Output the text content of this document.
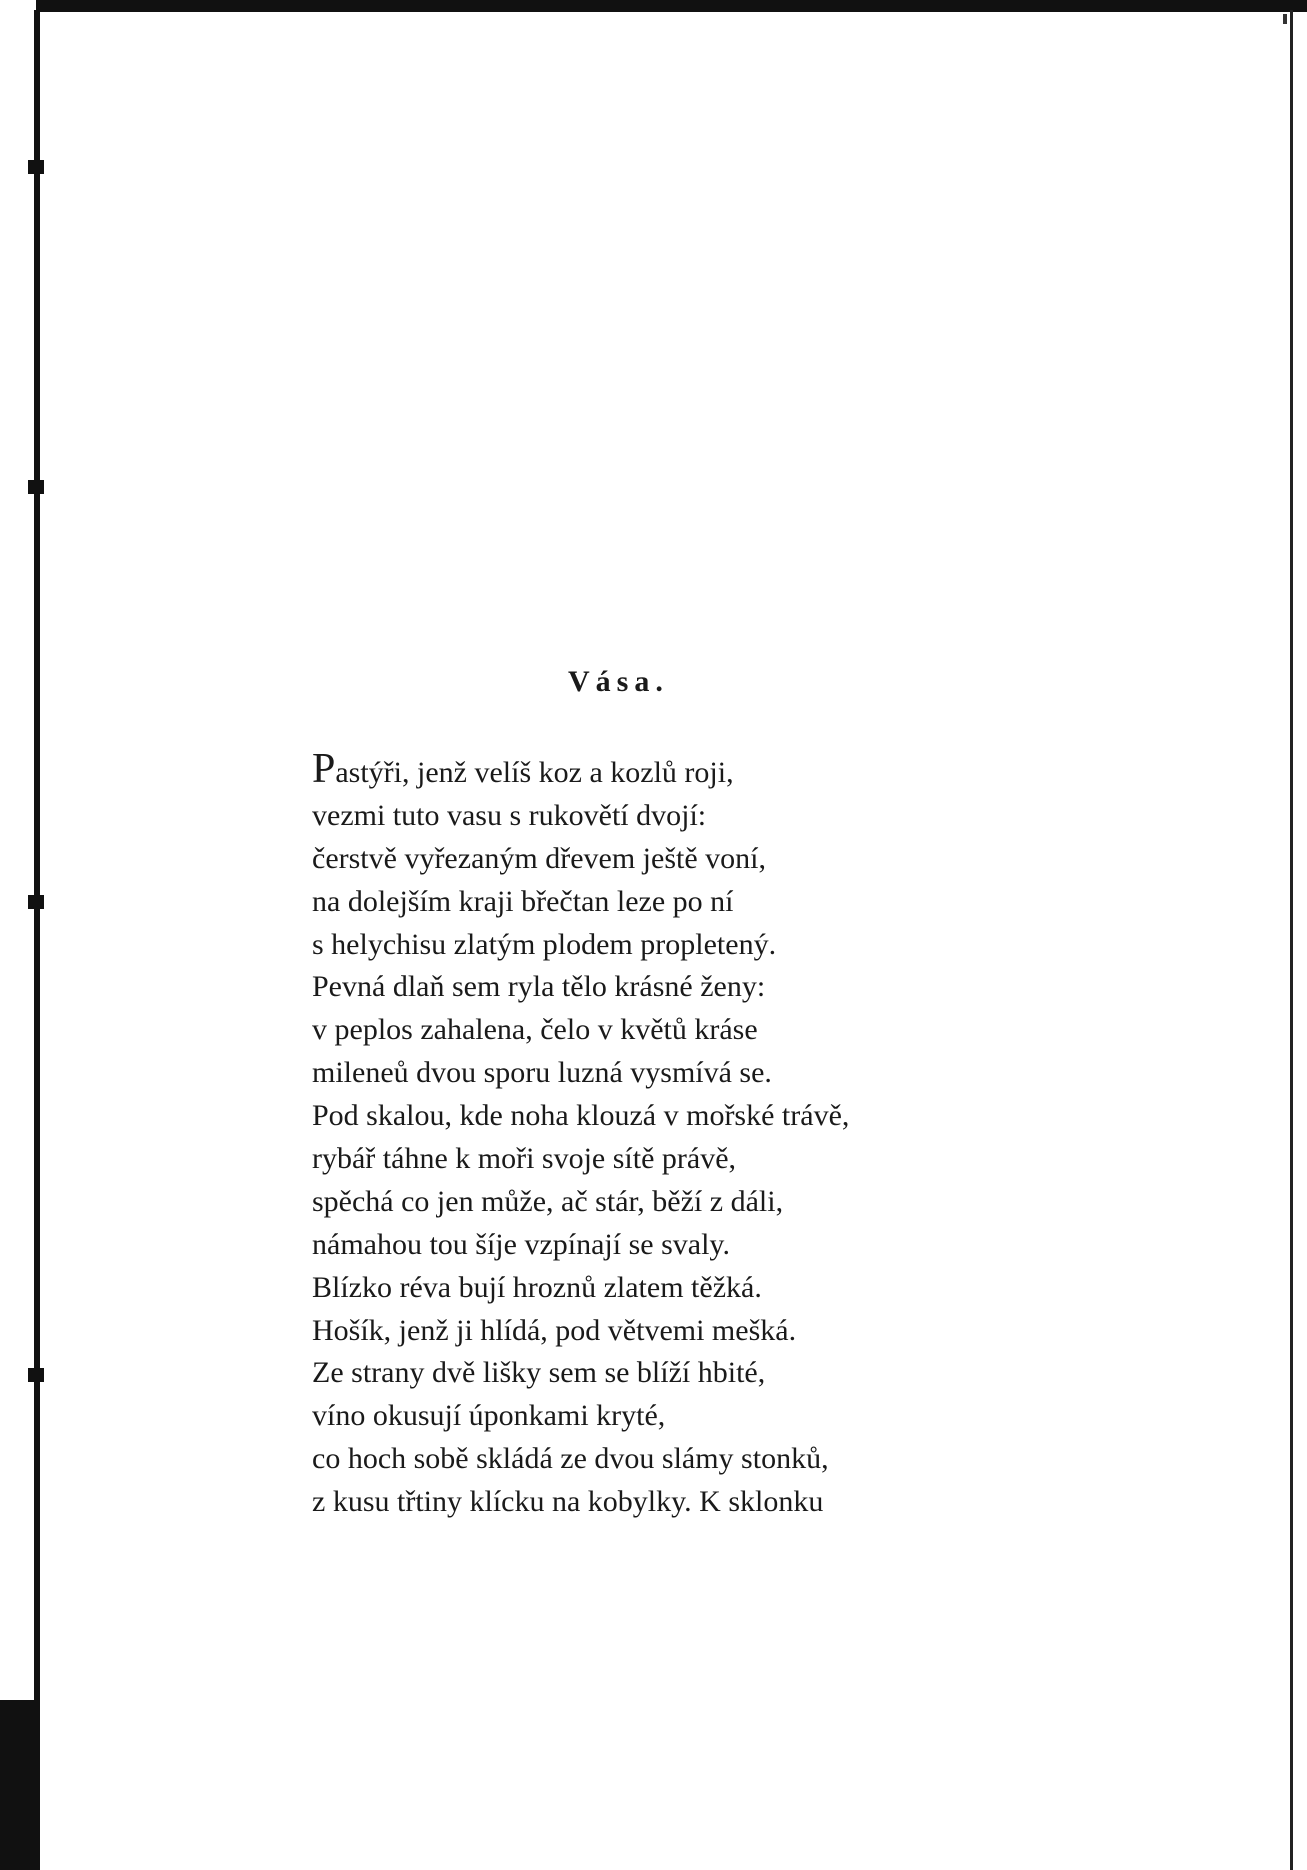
Vása.
Pastýři, jenž velíš koz a kozlů roji,
vezmi tuto vasu s rukovětí dvojí:
čerstvě vyřezaným dřevem ještě voní,
na dolejším kraji břečtan leze po ní
s helychisu zlatým plodem propletený.
Pevná dlaň sem ryla tělo krásné ženy:
v peplos zahalena, čelo v květů kráse
mileneů dvou sporu luzná vysmívá se.
Pod skalou, kde noha klouzá v mořské trávě,
rybář táhne k moři svoje sítě právě,
spěchá co jen může, ač stár, běží z dáli,
námahou tou šíje vzpínají se svaly.
Blízko réva bují hroznů zlatem těžká.
Hošík, jenž ji hlídá, pod větvemi mešká.
Ze strany dvě lišky sem se blíží hbité,
víno okusují úponkami kryté,
co hoch sobě skládá ze dvou slámy stonků,
z kusu třtiny klícku na kobylky. K sklonku
